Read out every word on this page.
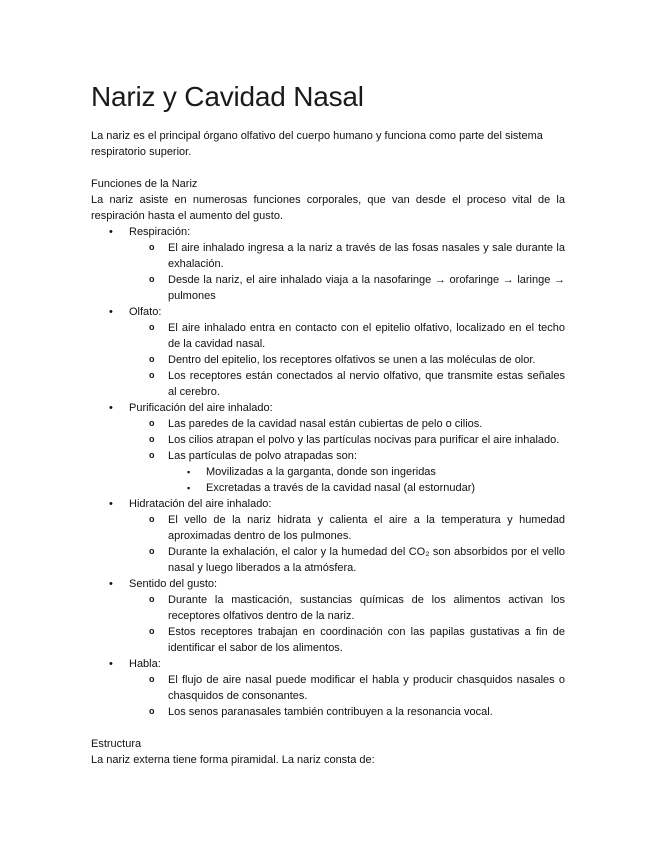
Nariz y Cavidad Nasal

La nariz es el principal órgano olfativo del cuerpo humano y funciona como parte del sistema respiratorio superior.

Funciones de la Nariz

La nariz asiste en numerosas funciones corporales, que van desde el proceso vital de la respiración hasta el aumento del gusto.

• Respiración:
o El aire inhalado ingresa a la nariz a través de las fosas nasales y sale durante la exhalación.
o Desde la nariz, el aire inhalado viaja a la nasofaringe → orofaringe → laringe → pulmones
• Olfato:
o El aire inhalado entra en contacto con el epitelio olfativo, localizado en el techo de la cavidad nasal.
o Dentro del epitelio, los receptores olfativos se unen a las moléculas de olor.
o Los receptores están conectados al nervio olfativo, que transmite estas señales al cerebro.
• Purificación del aire inhalado:
o Las paredes de la cavidad nasal están cubiertas de pelo o cilios.
o Los cilios atrapan el polvo y las partículas nocivas para purificar el aire inhalado.
o Las partículas de polvo atrapadas son:
▪ Movilizadas a la garganta, donde son ingeridas
▪ Excretadas a través de la cavidad nasal (al estornudar)
• Hidratación del aire inhalado:
o El vello de la nariz hidrata y calienta el aire a la temperatura y humedad aproximadas dentro de los pulmones.
o Durante la exhalación, el calor y la humedad del CO₂ son absorbidos por el vello nasal y luego liberados a la atmósfera.
• Sentido del gusto:
o Durante la masticación, sustancias químicas de los alimentos activan los receptores olfativos dentro de la nariz.
o Estos receptores trabajan en coordinación con las papilas gustativas a fin de identificar el sabor de los alimentos.
• Habla:
o El flujo de aire nasal puede modificar el habla y producir chasquidos nasales o chasquidos de consonantes.
o Los senos paranasales también contribuyen a la resonancia vocal.

Estructura

La nariz externa tiene forma piramidal. La nariz consta de:
